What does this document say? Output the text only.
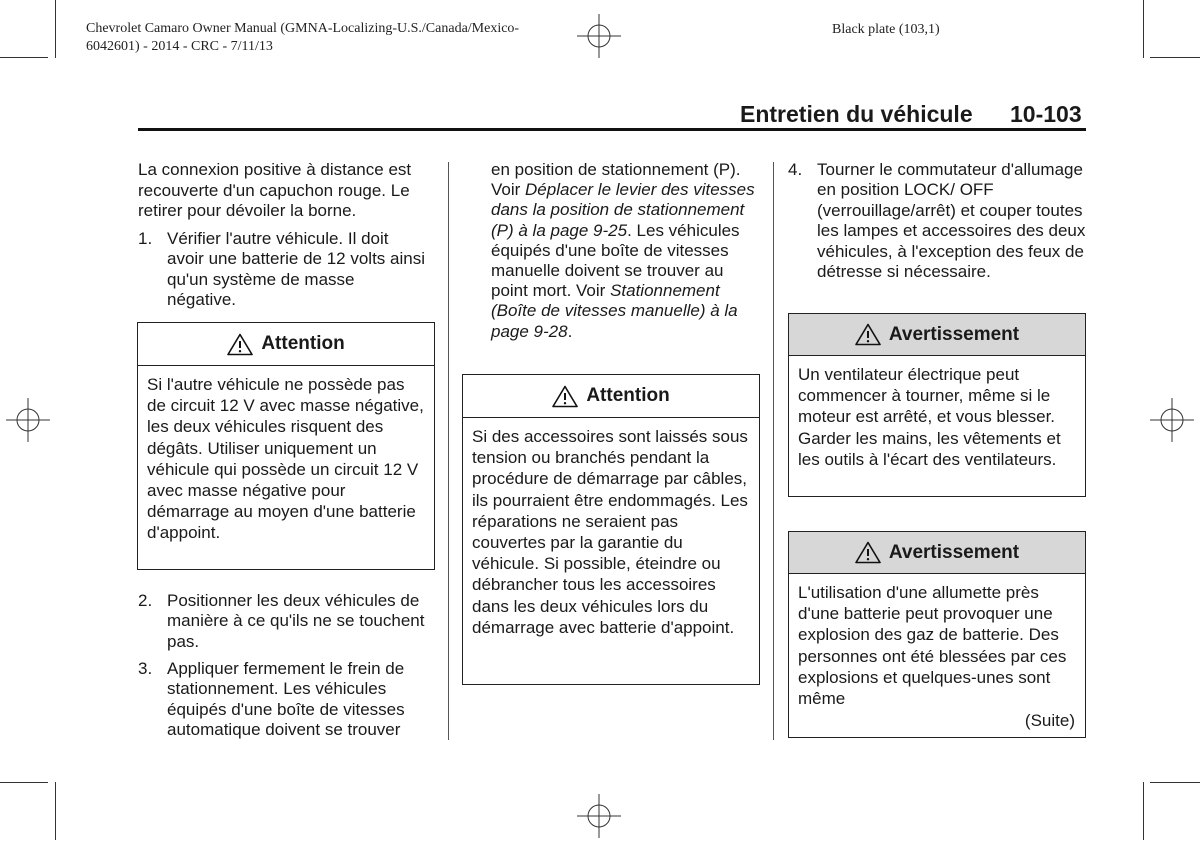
Chevrolet Camaro Owner Manual (GMNA-Localizing-U.S./Canada/Mexico-
6042601) - 2014 - CRC - 7/11/13
Black plate (103,1)
Entretien du véhicule 10-103

La connexion positive à distance est recouverte d'un capuchon rouge. Le retirer pour dévoiler la borne.

1. Vérifier l'autre véhicule. Il doit avoir une batterie de 12 volts ainsi qu'un système de masse négative.
Attention
Si l'autre véhicule ne possède pas de circuit 12 V avec masse négative, les deux véhicules risquent des dégâts. Utiliser uniquement un véhicule qui possède un circuit 12 V avec masse négative pour démarrage au moyen d'une batterie d'appoint.
2. Positionner les deux véhicules de manière à ce qu'ils ne se touchent pas.
3. Appliquer fermement le frein de stationnement. Les véhicules équipés d'une boîte de vitesses automatique doivent se trouver
en position de stationnement (P). Voir Déplacer le levier des vitesses dans la position de stationnement (P) à la page 9-25. Les véhicules équipés d'une boîte de vitesses manuelle doivent se trouver au point mort. Voir Stationnement (Boîte de vitesses manuelle) à la page 9-28.
Attention
Si des accessoires sont laissés sous tension ou branchés pendant la procédure de démarrage par câbles, ils pourraient être endommagés. Les réparations ne seraient pas couvertes par la garantie du véhicule. Si possible, éteindre ou débrancher tous les accessoires dans les deux véhicules lors du démarrage avec batterie d'appoint.
4. Tourner le commutateur d'allumage en position LOCK/ OFF (verrouillage/arrêt) et couper toutes les lampes et accessoires des deux véhicules, à l'exception des feux de détresse si nécessaire.
Avertissement
Un ventilateur électrique peut commencer à tourner, même si le moteur est arrêté, et vous blesser. Garder les mains, les vêtements et les outils à l'écart des ventilateurs.
Avertissement
L'utilisation d'une allumette près d'une batterie peut provoquer une explosion des gaz de batterie. Des personnes ont été blessées par ces explosions et quelques-unes sont même
(Suite)
